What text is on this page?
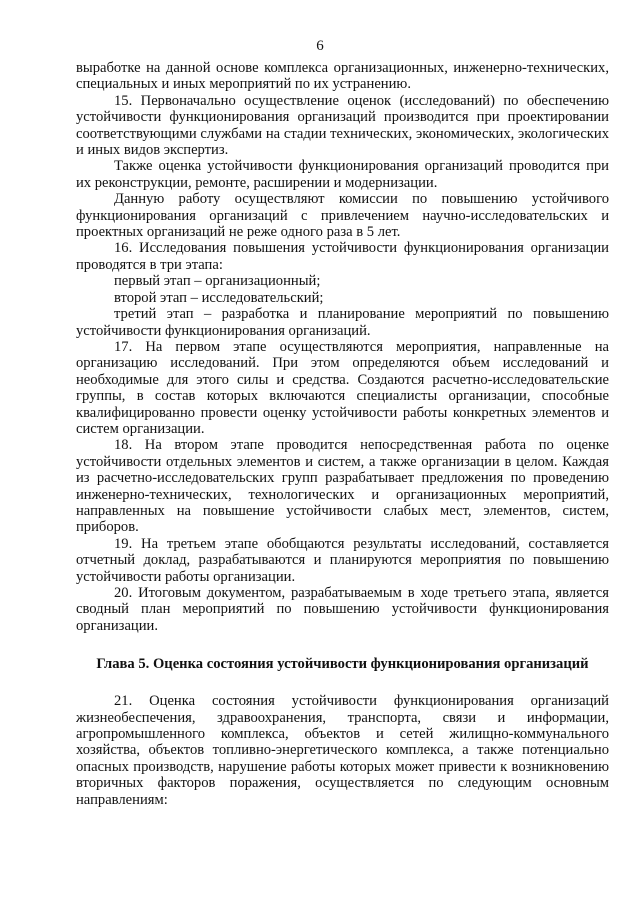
6

выработке на данной основе комплекса организационных, инженерно-технических, специальных и иных мероприятий по их устранению.

15. Первоначально осуществление оценок (исследований) по обеспечению устойчивости функционирования организаций производится при проектировании соответствующими службами на стадии технических, экономических, экологических и иных видов экспертиз.

Также оценка устойчивости функционирования организаций проводится при их реконструкции, ремонте, расширении и модернизации.

Данную работу осуществляют комиссии по повышению устойчивого функционирования организаций с привлечением научно-исследовательских и проектных организаций не реже одного раза в 5 лет.

16. Исследования повышения устойчивости функционирования организации проводятся в три этапа:

первый этап – организационный;

второй этап – исследовательский;

третий этап – разработка и планирование мероприятий по повышению устойчивости функционирования организаций.

17. На первом этапе осуществляются мероприятия, направленные на организацию исследований. При этом определяются объем исследований и необходимые для этого силы и средства. Создаются расчетно-исследовательские группы, в состав которых включаются специалисты организации, способные квалифицированно провести оценку устойчивости работы конкретных элементов и систем организации.

18. На втором этапе проводится непосредственная работа по оценке устойчивости отдельных элементов и систем, а также организации в целом. Каждая из расчетно-исследовательских групп разрабатывает предложения по проведению инженерно-технических, технологических и организационных мероприятий, направленных на повышение устойчивости слабых мест, элементов, систем, приборов.

19. На третьем этапе обобщаются результаты исследований, составляется отчетный доклад, разрабатываются и планируются мероприятия по повышению устойчивости работы организации.

20. Итоговым документом, разрабатываемым в ходе третьего этапа, является сводный план мероприятий по повышению устойчивости функционирования организации.

Глава 5. Оценка состояния устойчивости функционирования организаций

21. Оценка состояния устойчивости функционирования организаций жизнеобеспечения, здравоохранения, транспорта, связи и информации, агропромышленного комплекса, объектов и сетей жилищно-коммунального хозяйства, объектов топливно-энергетического комплекса, а также потенциально опасных производств, нарушение работы которых может привести к возникновению вторичных факторов поражения, осуществляется по следующим основным направлениям:
